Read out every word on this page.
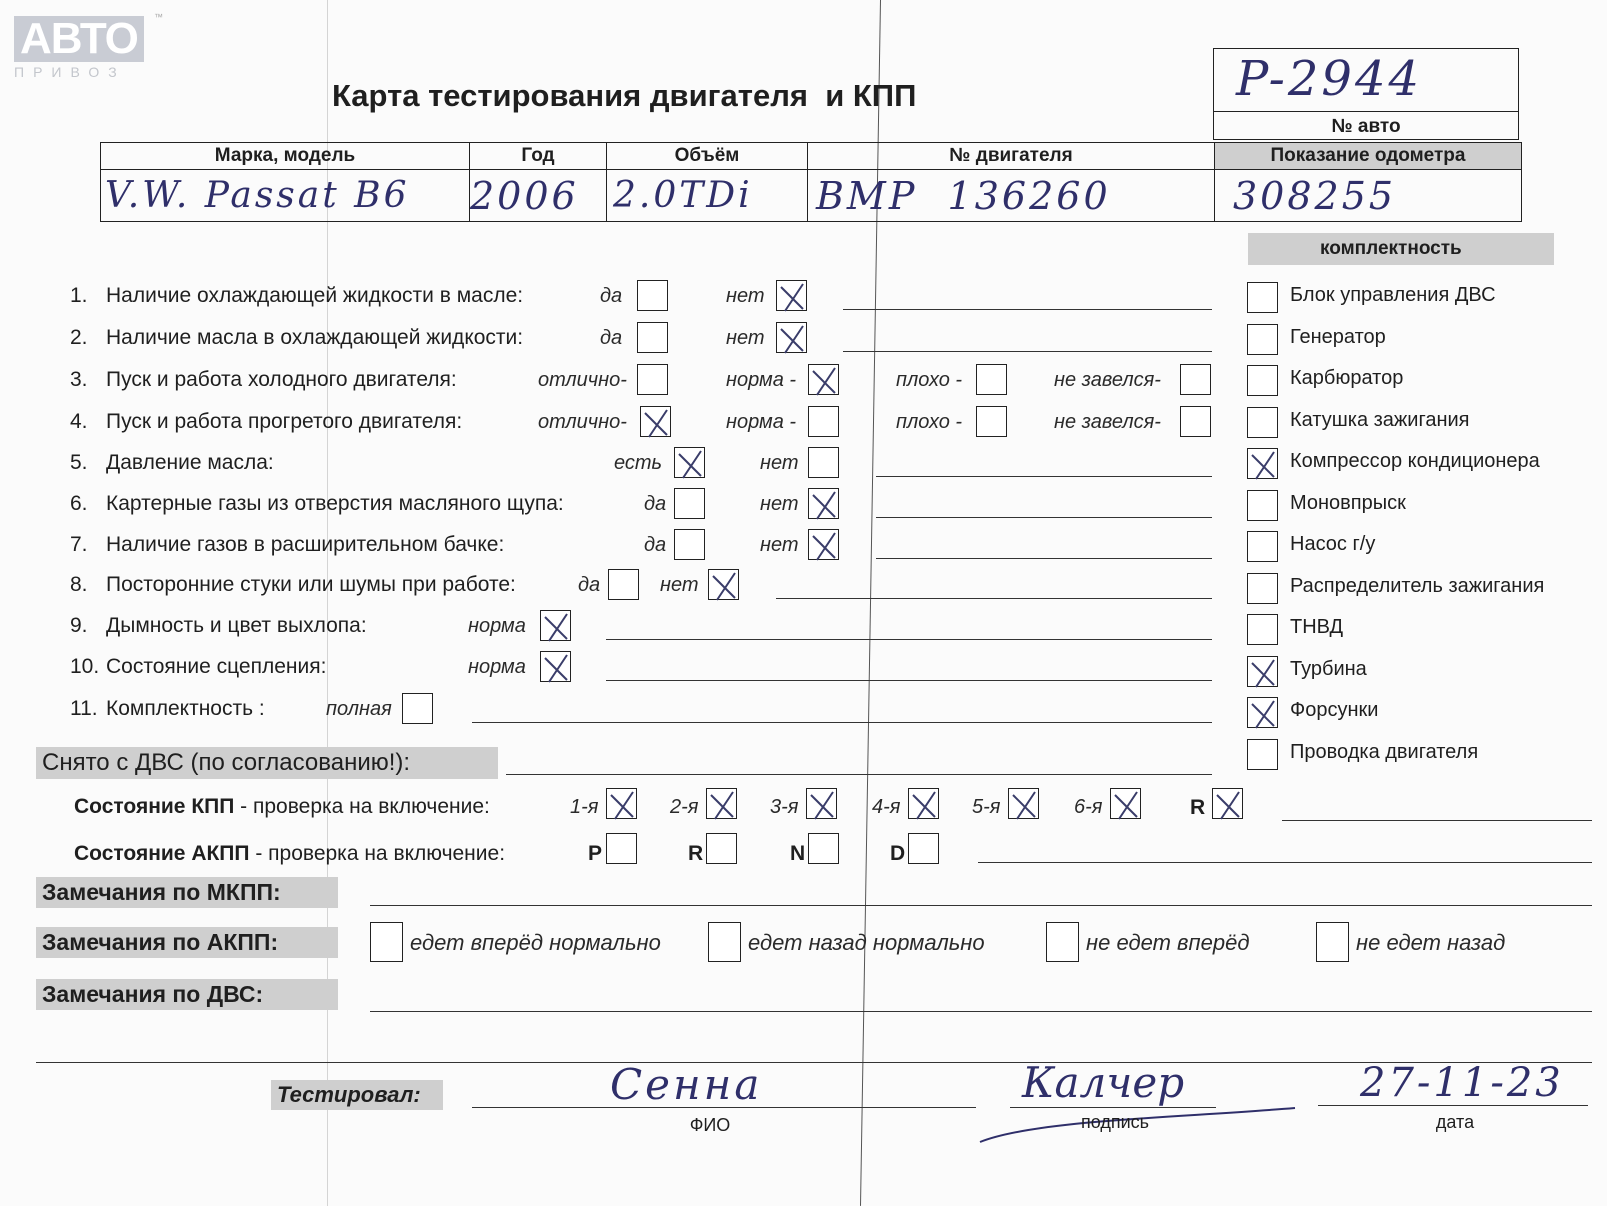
АВТО
ПРИВОЗ
™
Карта тестирования двигателя  и КПП	P-2944
№ авто
Марка, модель	Год	Объём	№ двигателя	Показание одометра
V.W. Passat B6	2006	2.0TDi	BMP  136260	308255
комплектность
1. Наличие охлаждающей жидкости в масле:	да	нет
2. Наличие масла в охлаждающей жидкости:	да	нет
3. Пуск и работа холодного двигателя:	отлично-	норма -	плохо -	не завелся-
4. Пуск и работа прогретого двигателя:	отлично-	норма -	плохо -	не завелся-
5. Давление масла:	есть	нет
6. Картерные газы из отверстия масляного щупа:	да	нет
7. Наличие газов в расширительном бачке:	да	нет
8. Посторонние стуки или шумы при работе:	да	нет
9. Дымность и цвет выхлопа:	норма
10. Состояние сцепления:	норма
11. Комплектность :	полная
Блок управления ДВС
Генератор
Карбюратор
Катушка зажигания
Компрессор кондиционера
Моновпрыск
Насос г/у
Распределитель зажигания
ТНВД
Турбина
Форсунки
Проводка двигателя
Снято с ДВС (по согласованию!):
Состояние КПП - проверка на включение:	1-я	2-я	3-я	4-я	5-я	6-я	R
Состояние АКПП - проверка на включение:	P	R	N	D
Замечания по МКПП:
Замечания по АКПП:	едет вперёд нормально	едет назад нормально	не едет вперёд	не едет назад
Замечания по ДВС:
Тестировал:	Сенна
ФИО
Кaлчер
подпись
27-11-23
дата
